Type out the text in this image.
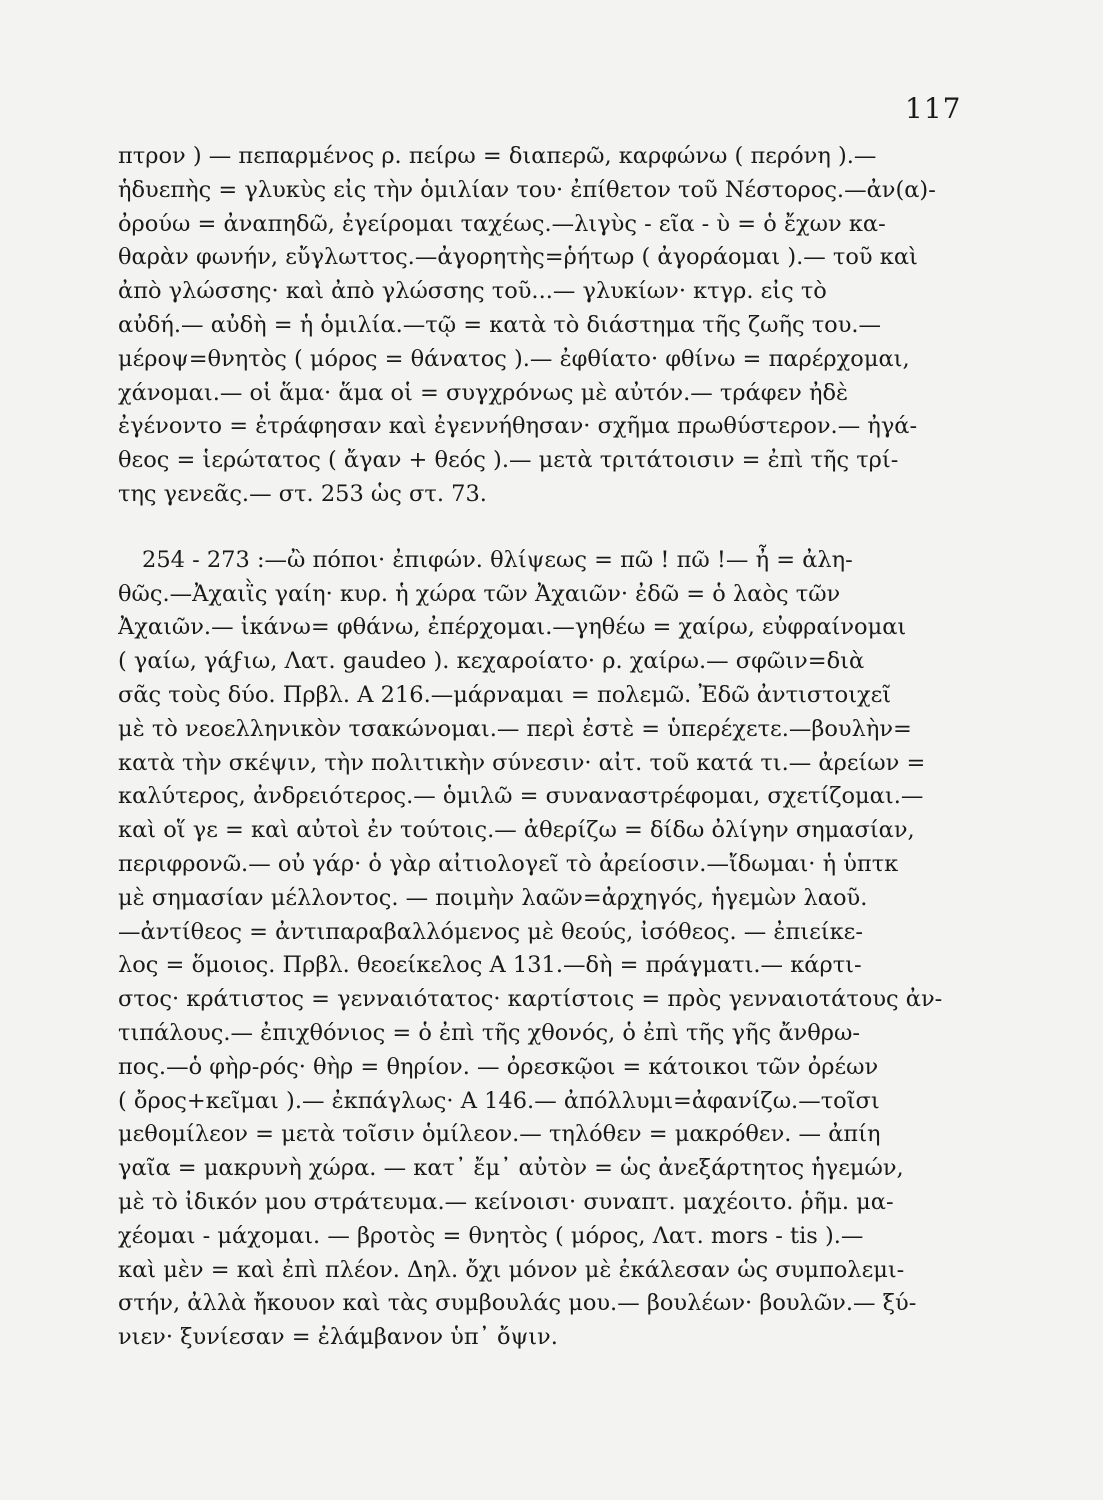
117
πτρον ) — πεπαρμένος ρ. πείρω = διαπερῶ, καρφώνω ( περόνη ).—
ἡδυεπὴς = γλυκὺς εἰς τὴν ὁμιλίαν του· ἐπίθετον τοῦ Νέστορος.—ἀν(α)-
ὀρούω = ἀναπηδῶ, ἐγείρομαι ταχέως.—λιγὺς - εῖα - ὺ = ὁ ἔχων κα-
θαρὰν φωνήν, εὔγλωττος.—ἀγορητὴς=ῥήτωρ ( ἀγοράομαι ).— τοῦ καὶ
ἀπὸ γλώσσης· καὶ ἀπὸ γλώσσης τοῦ...— γλυκίων· κτγρ. εἰς τὸ
αὐδή.— αὐδὴ = ἡ ὁμιλία.—τῷ = κατὰ τὸ διάστημα τῆς ζωῆς του.—
μέροψ=θνητὸς ( μόρος = θάνατος ).— ἐφθίατο· φθίνω = παρέρχομαι,
χάνομαι.— οἱ ἅμα· ἅμα οἱ = συγχρόνως μὲ αὐτόν.— τράφεν ἠδὲ
ἐγένοντο = ἐτράφησαν καὶ ἐγεννήθησαν· σχῆμα πρωθύστερον.— ἠγά-
θεος = ἱερώτατος ( ἄγαν + θεός ).— μετὰ τριτάτοισιν = ἐπὶ τῆς τρί-
της γενεᾶς.— στ. 253 ὡς στ. 73.
254 - 273 :—ὢ πόποι· ἐπιφών. θλίψεως = πῶ ! πῶ !— ἦ = ἀλη-
θῶς.—Ἀχαιῒς γαίη· κυρ. ἡ χώρα τῶν Ἀχαιῶν· ἐδῶ = ὁ λαὸς τῶν
Ἀχαιῶν.— ἱκάνω= φθάνω, ἐπέρχομαι.—γηθέω = χαίρω, εὐφραίνομαι
( γαίω, γάϝιω, Λατ. gaudeo ). κεχαροίατο· ρ. χαίρω.— σφῶιν=διὰ
σᾶς τοὺς δύο. Πρβλ. Α 216.—μάρναμαι = πολεμῶ. Ἐδῶ ἀντιστοιχεῖ
μὲ τὸ νεοελληνικὸν τσακώνομαι.— περὶ ἐστὲ = ὑπερέχετε.—βουλὴν=
κατὰ τὴν σκέψιν, τὴν πολιτικὴν σύνεσιν· αἰτ. τοῦ κατά τι.— ἀρείων =
καλύτερος, ἀνδρειότερος.— ὁμιλῶ = συναναστρέφομαι, σχετίζομαι.—
καὶ οἵ γε = καὶ αὐτοὶ ἐν τούτοις.— ἀθερίζω = δίδω ὀλίγην σημασίαν,
περιφρονῶ.— οὐ γάρ· ὁ γὰρ αἰτιολογεῖ τὸ ἀρείοσιν.—ἴδωμαι· ἡ ὑπτκ
μὲ σημασίαν μέλλοντος. — ποιμὴν λαῶν=ἀρχηγός, ἡγεμὼν λαοῦ.
—ἀντίθεος = ἀντιπαραβαλλόμενος μὲ θεούς, ἰσόθεος. — ἐπιείκε-
λος = ὅμοιος. Πρβλ. θεοείκελος Α 131.—δὴ = πράγματι.— κάρτι-
στος· κράτιστος = γενναιότατος· καρτίστοις = πρὸς γενναιοτάτους ἀν-
τιπάλους.— ἐπιχθόνιος = ὁ ἐπὶ τῆς χθονός, ὁ ἐπὶ τῆς γῆς ἄνθρω-
πος.—ὁ φὴρ-ρός· θὴρ = θηρίον. — ὀρεσκῷοι = κάτοικοι τῶν ὀρέων
( ὄρος+κεῖμαι ).— ἐκπάγλως· Α 146.— ἀπόλλυμι=ἀφανίζω.—τοῖσι
μεθομίλεον = μετὰ τοῖσιν ὁμίλεον.— τηλόθεν = μακρόθεν. — ἀπίη
γαῖα = μακρυνὴ χώρα. — κατ᾽ ἔμ᾽ αὐτὸν = ὡς ἀνεξάρτητος ἡγεμών,
μὲ τὸ ἰδικόν μου στράτευμα.— κείνοισι· συναπτ. μαχέοιτο. ῥῆμ. μα-
χέομαι - μάχομαι. — βροτὸς = θνητὸς ( μόρος, Λατ. mors - tis ).—
καὶ μὲν = καὶ ἐπὶ πλέον. Δηλ. ὄχι μόνον μὲ ἐκάλεσαν ὡς συμπολεμι-
στήν, ἀλλὰ ἤκουον καὶ τὰς συμβουλάς μου.— βουλέων· βουλῶν.— ξύ-
νιεν· ξυνίεσαν = ἐλάμβανον ὑπ᾽ ὄψιν.
